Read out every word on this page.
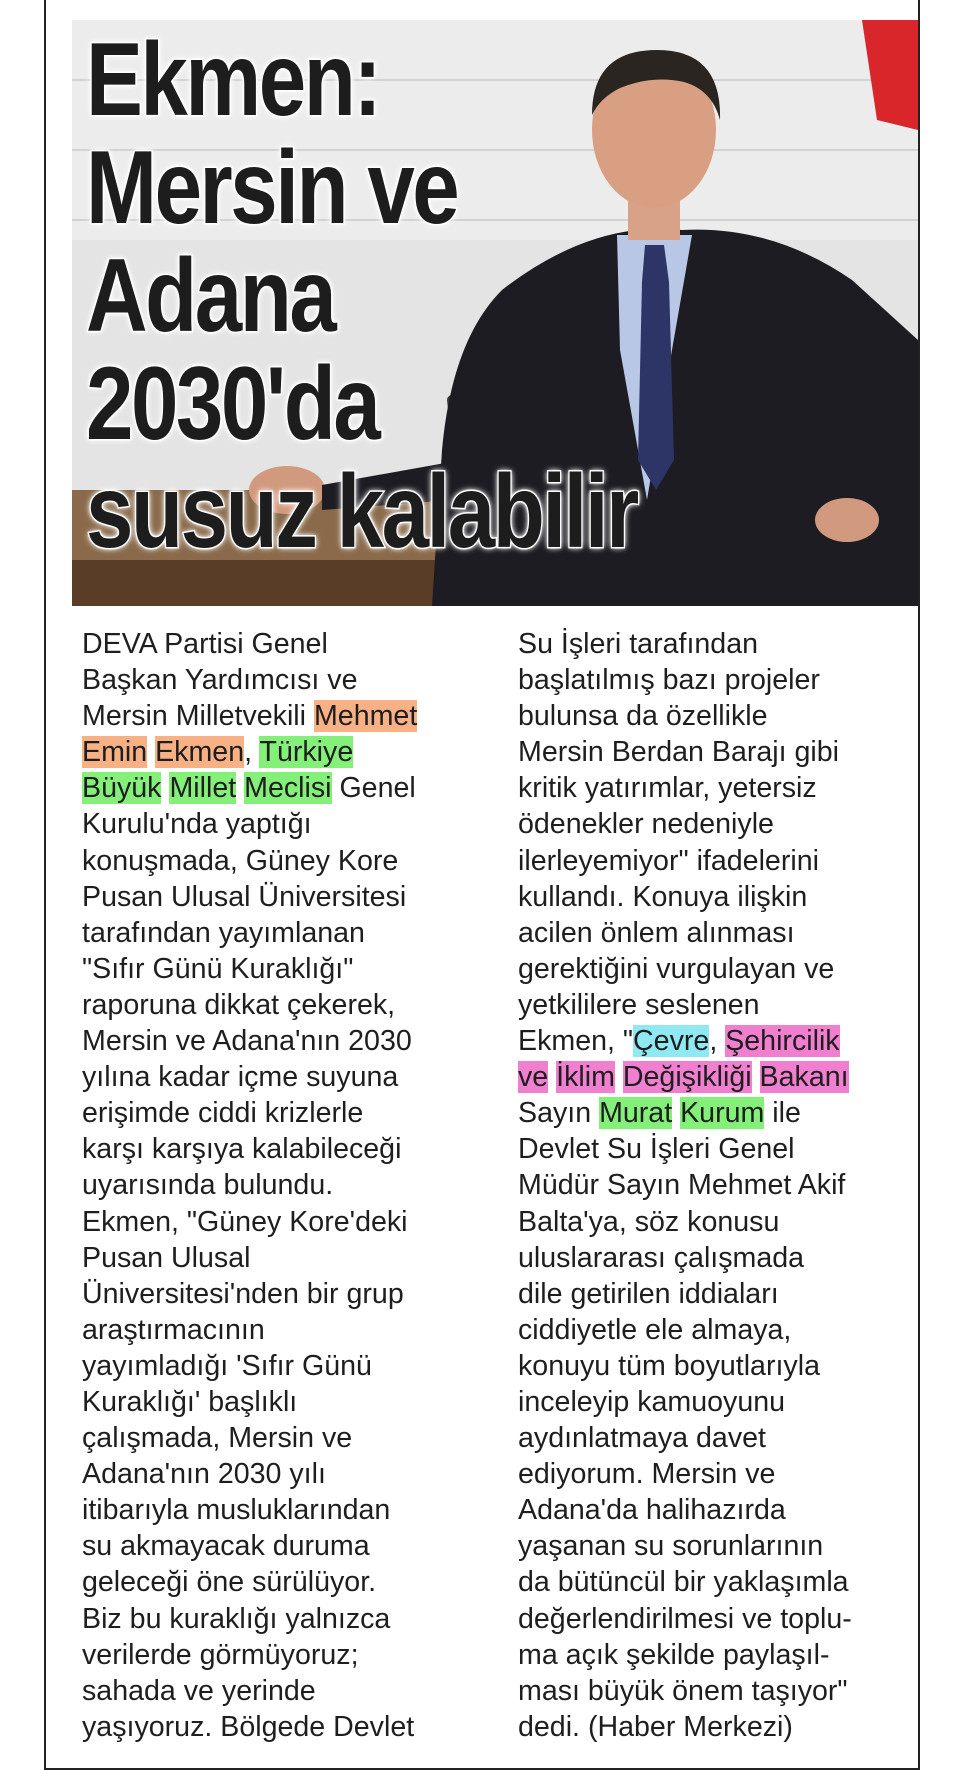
Ekmen:
Mersin ve
Adana
2030'da
susuz kalabilir
DEVA Partisi Genel
Başkan Yardımcısı ve
Mersin Milletvekili Mehmet
Emin Ekmen, Türkiye
Büyük Millet Meclisi Genel
Kurulu'nda yaptığı
konuşmada, Güney Kore
Pusan Ulusal Üniversitesi
tarafından yayımlanan
"Sıfır Günü Kuraklığı"
raporuna dikkat çekerek,
Mersin ve Adana'nın 2030
yılına kadar içme suyuna
erişimde ciddi krizlerle
karşı karşıya kalabileceği
uyarısında bulundu.
Ekmen, "Güney Kore'deki
Pusan Ulusal
Üniversitesi'nden bir grup
araştırmacının
yayımladığı 'Sıfır Günü
Kuraklığı' başlıklı
çalışmada, Mersin ve
Adana'nın 2030 yılı
itibarıyla musluklarından
su akmayacak duruma
geleceği öne sürülüyor.
Biz bu kuraklığı yalnızca
verilerde görmüyoruz;
sahada ve yerinde
yaşıyoruz. Bölgede Devlet
Su İşleri tarafından
başlatılmış bazı projeler
bulunsa da özellikle
Mersin Berdan Barajı gibi
kritik yatırımlar, yetersiz
ödenekler nedeniyle
ilerleyemiyor" ifadelerini
kullandı. Konuya ilişkin
acilen önlem alınması
gerektiğini vurgulayan ve
yetkililere seslenen
Ekmen, "Çevre, Şehircilik
ve İklim Değişikliği Bakanı
Sayın Murat Kurum ile
Devlet Su İşleri Genel
Müdür Sayın Mehmet Akif
Balta'ya, söz konusu
uluslararası çalışmada
dile getirilen iddiaları
ciddiyetle ele almaya,
konuyu tüm boyutlarıyla
inceleyip kamuoyunu
aydınlatmaya davet
ediyorum. Mersin ve
Adana'da halihazırda
yaşanan su sorunlarının
da bütüncül bir yaklaşımla
değerlendirilmesi ve toplu-
ma açık şekilde paylaşıl-
ması büyük önem taşıyor"
dedi. (Haber Merkezi)
